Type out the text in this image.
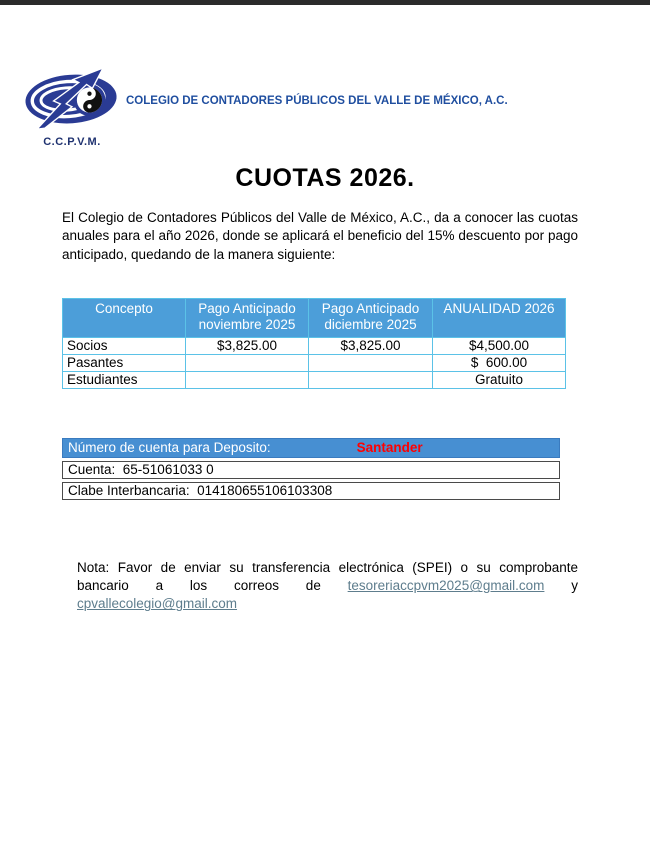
C.C.P.V.M.
COLEGIO DE CONTADORES PÚBLICOS DEL VALLE DE MÉXICO, A.C.
CUOTAS 2026.

El Colegio de Contadores Públicos del Valle de México, A.C., da a conocer las cuotas anuales para el año 2026, donde se aplicará el beneficio del 15% descuento por pago anticipado, quedando de la manera siguiente:

Concepto	Pago Anticipado noviembre 2025	Pago Anticipado diciembre 2025	ANUALIDAD 2026
Socios	$3,825.00	$3,825.00	$4,500.00
Pasantes			$  600.00
Estudiantes			Gratuito
Número de cuenta para Deposito:	Santander
Cuenta:  65-51061033 0
Clabe Interbancaria:  014180655106103308

Nota: Favor de enviar su transferencia electrónica (SPEI) o su comprobante bancario a los correos de tesoreriaccpvm2025@gmail.com y cpvallecolegio@gmail.com
